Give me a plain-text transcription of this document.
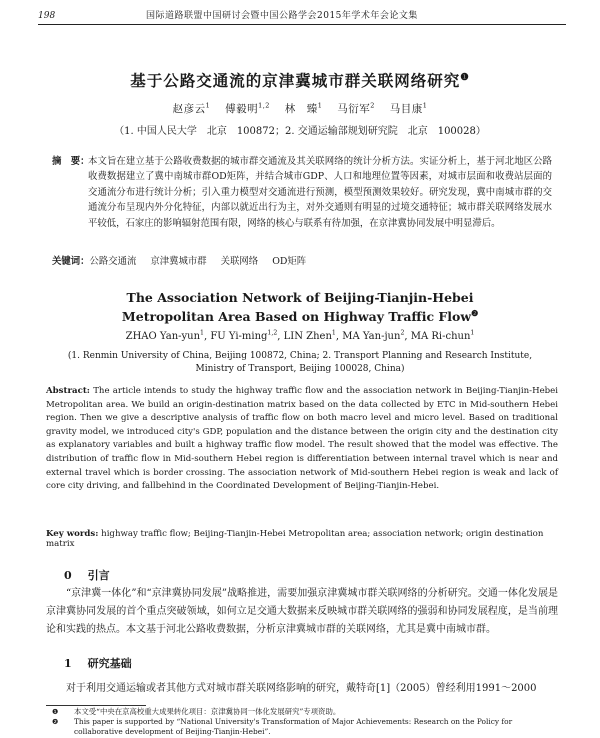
198	国际道路联盟中国研讨会暨中国公路学会2015年学术年会论文集
基于公路交通流的京津冀城市群关联网络研究$^❶$
赵彦云$^1$　 傅毅明$^{1,2}$　 林　臻$^1$　 马衍军$^2$　 马目康$^1$
（1. 中国人民大学　北京　100872；2. 交通运输部规划研究院　北京　100028）
摘　要：
本文旨在建立基于公路收费数据的城市群交通流及其关联网络的统计分析方法。实证分析上，基于河北地区公路收费数据建立了冀中南城市群OD矩阵，并结合城市GDP、人口和地理位置等因素，对城市层面和收费站层面的交通流分布进行统计分析；引入重力模型对交通流进行预测，模型预测效果较好。研究发现，冀中南城市群的交通流分布呈现内外分化特征，内部以就近出行为主，对外交通则有明显的过境交通特征；城市群关联网络发展水平较低，石家庄的影响辐射范围有限，网络的核心与联系有待加强，在京津冀协同发展中明显滞后。
关键词：公路交通流 京津冀城市群 关联网络 OD矩阵
The Association Network of Beijing-Tianjin-Hebei
Metropolitan Area Based on Highway Traffic Flow$^❷$
ZHAO Yan-yun$^1$, FU Yi-ming$^{1,2}$, LIN Zhen$^1$, MA Yan-jun$^2$, MA Ri-chun$^1$
(1. Renmin University of China, Beijing 100872, China; 2. Transport Planning and Research Institute, Ministry of Transport, Beijing 100028, China)
Abstract: The article intends to study the highway traffic flow and the association network in Beijing-Tianjin-Hebei Metropolitan area. We build an origin-destination matrix based on the data collected by ETC in Mid-southern Hebei region. Then we give a descriptive analysis of traffic flow on both macro level and micro level. Based on traditional gravity model, we introduced city's GDP, population and the distance between the origin city and the destination city as explanatory variables and built a highway traffic flow model. The result showed that the model was effective. The distribution of traffic flow in Mid-southern Hebei region is differentiation between internal travel which is near and external travel which is border crossing. The association network of Mid-southern Hebei region is weak and lack of core city driving, and fallbehind in the Coordinated Development of Beijing-Tianjin-Hebei.
Key words: highway traffic flow; Beijing-Tianjin-Hebei Metropolitan area; association network; origin destination matrix
0 引言
“京津冀一体化”和“京津冀协同发展”战略推进，需要加强京津冀城市群关联网络的分析研究。交通一体化发展是京津冀协同发展的首个重点突破领域，如何立足交通大数据来反映城市群关联网络的强弱和协同发展程度，是当前理论和实践的热点。本文基于河北公路收费数据，分析京津冀城市群的关联网络，尤其是冀中南城市群。
1 研究基础
对于利用交通运输或者其他方式对城市群关联网络影响的研究，戴特奇[1]（2005）曾经利用1991～2000
❶ 本文受“中央在京高校重大成果转化项目：京津冀协同一体化发展研究”专项资助。
❷ This paper is supported by “National University's Transformation of Major Achievements: Research on the Policy for collaborative development of Beijing-Tianjin-Hebei”.
